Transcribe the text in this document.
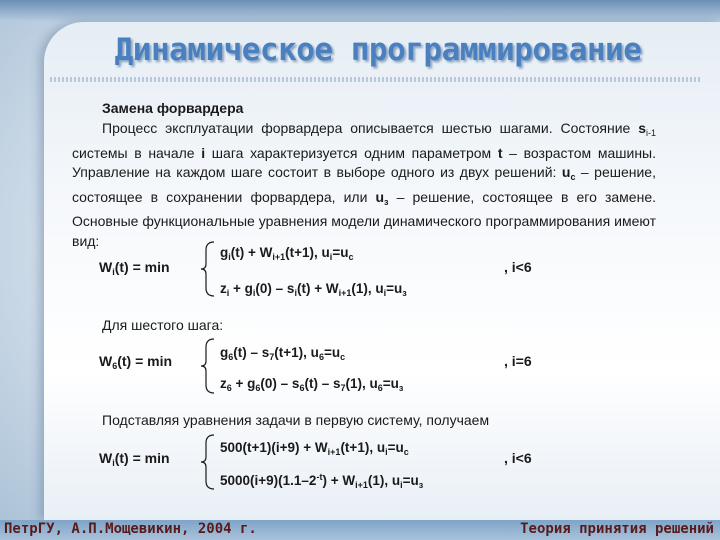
Динамическое программирование
Замена форвардера

Процесс эксплуатации форвардера описывается шестью шагами. Состояние $s_{i-1}$ системы в начале i шага характеризуется одним параметром t – возрастом машины. Управление на каждом шаге состоит в выборе одного из двух решений: $u_c$ – решение, состоящее в сохранении форвардера, или $u_з$ – решение, состоящее в его замене. Основные функциональные уравнения модели динамического программирования имеют вид:

$W_i(t) = \min$
$g_i(t) + W_{i+1}(t+1)$, $u_i=u_c$
$z_i + g_i(0) - s_i(t) + W_{i+1}(1)$, $u_i=u_з$
, i<6
Для шестого шага:
$W_6(t) = \min$
$g_6(t) - s_7(t+1)$, $u_6=u_c$
$z_6 + g_6(0) - s_6(t) - s_7(1)$, $u_6=u_з$
, i=6
Подставляя уравнения задачи в первую систему, получаем
$W_i(t) = \min$
$500(t+1)(i+9) + W_{i+1}(t+1)$, $u_i=u_c$
$5000(i+9)(1.1-2^{-t}) + W_{i+1}(1)$, $u_i=u_з$
, i<6
ПетрГУ, А.П.Мощевикин, 2004 г.	Теория принятия решений
